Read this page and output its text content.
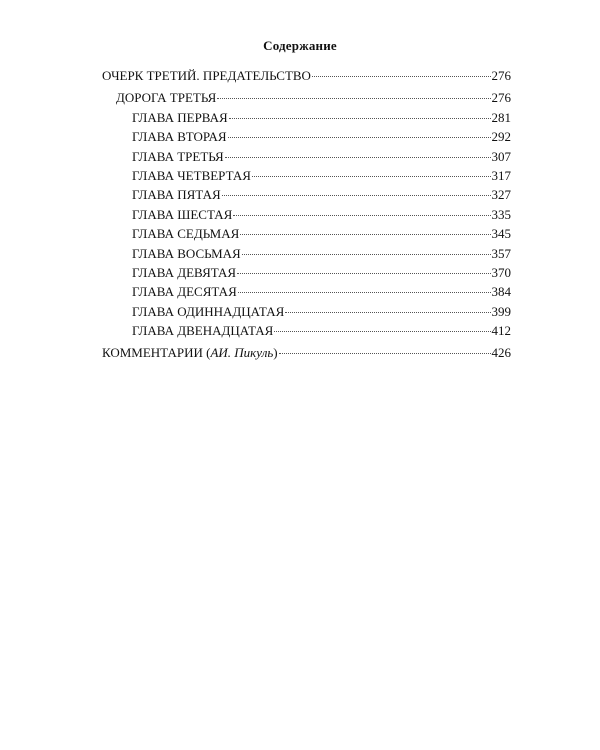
Содержание
ОЧЕРК ТРЕТИЙ. ПРЕДАТЕЛЬСТВО	276
ДОРОГА ТРЕТЬЯ	276
ГЛАВА ПЕРВАЯ	281
ГЛАВА ВТОРАЯ	292
ГЛАВА ТРЕТЬЯ	307
ГЛАВА ЧЕТВЕРТАЯ	317
ГЛАВА ПЯТАЯ	327
ГЛАВА ШЕСТАЯ	335
ГЛАВА СЕДЬМАЯ	345
ГЛАВА ВОСЬМАЯ	357
ГЛАВА ДЕВЯТАЯ	370
ГЛАВА ДЕСЯТАЯ	384
ГЛАВА ОДИННАДЦАТАЯ	399
ГЛАВА ДВЕНАДЦАТАЯ	412
КОММЕНТАРИИ (АИ. Пикуль)	426
